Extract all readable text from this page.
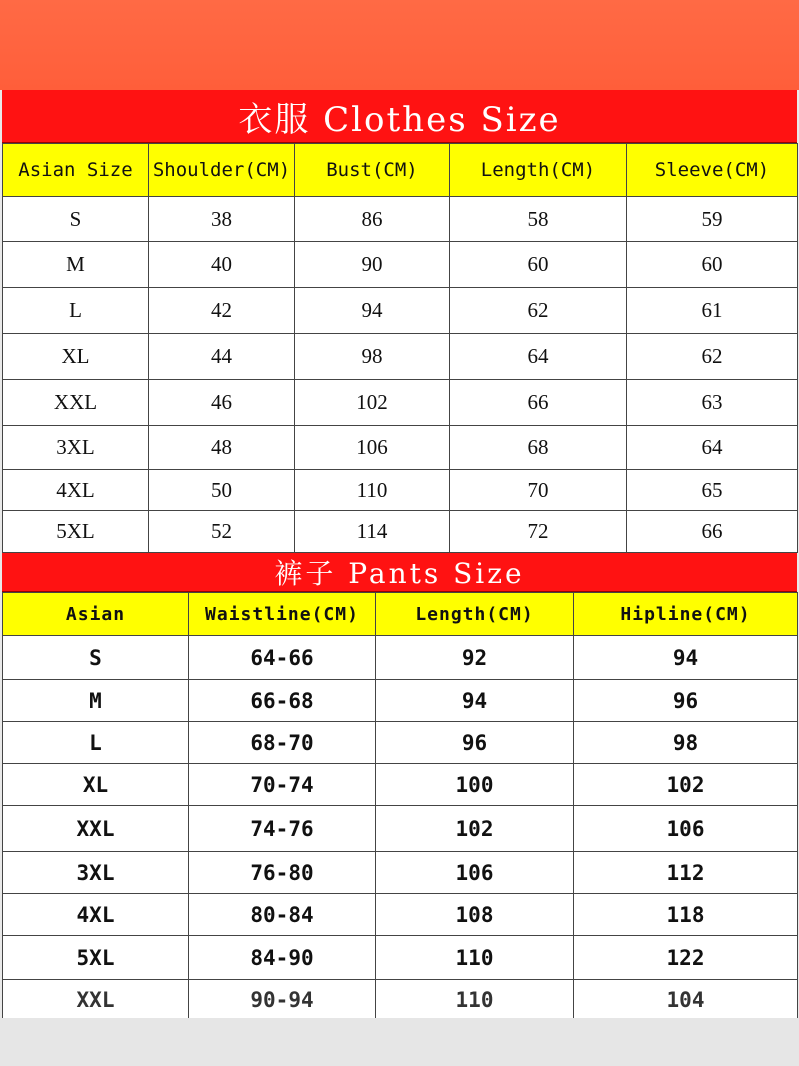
衣服 Clothes Size
Asian Size	Shoulder(CM)	Bust(CM)	Length(CM)	Sleeve(CM)
S	38	86	58	59
M	40	90	60	60
L	42	94	62	61
XL	44	98	64	62
XXL	46	102	66	63
3XL	48	106	68	64
4XL	50	110	70	65
5XL	52	114	72	66
裤子 Pants Size
Asian	Waistline(CM)	Length(CM)	Hipline(CM)
S	64-66	92	94
M	66-68	94	96
L	68-70	96	98
XL	70-74	100	102
XXL	74-76	102	106
3XL	76-80	106	112
4XL	80-84	108	118
5XL	84-90	110	122
XXL	90-94	110	104
